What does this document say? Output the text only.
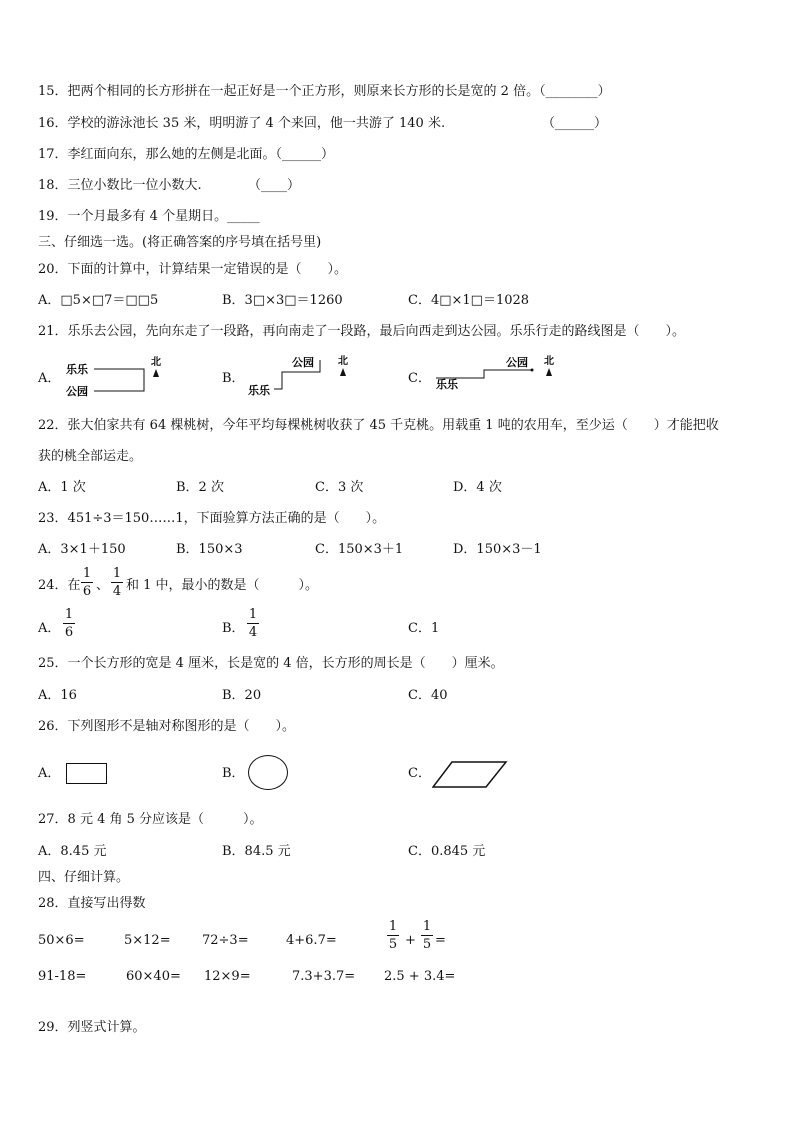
15．把两个相同的长方形拼在一起正好是一个正方形，则原来长方形的长是宽的 2 倍。（________）
16．学校的游泳池长 35 米，明明游了 4 个来回，他一共游了 140 米.	（______）
17．李红面向东，那么她的左侧是北面。（______）
18．三位小数比一位小数大.	（____）
19．一个月最多有 4 个星期日。_____
三、仔细选一选。(将正确答案的序号填在括号里)
20．下面的计算中，计算结果一定错误的是（　　）。
A．□5×□7＝□□5	B．3□×3□＝1260	C．4□×1□＝1028
21．乐乐去公园，先向东走了一段路，再向南走了一段路，最后向西走到达公园。乐乐行走的路线图是（　　）。
A．
乐乐
公园
北
B．
公园
乐乐
北
C．
公园
乐乐
北
22．张大伯家共有 64 棵桃树，今年平均每棵桃树收获了 45 千克桃。用载重 1 吨的农用车，至少运（　　）才能把收
获的桃全部运走。
A．1 次	B．2 次	C．3 次	D．4 次
23．451÷3＝150……1，下面验算方法正确的是（　　）。
A．3×1＋150	B．150×3	C．150×3＋1	D．150×3－1
24．在
1
6 、
1
4 和 1 中，最小的数是（　　　）。
A．
1
6	B．
1
4	C．1
25．一个长方形的宽是 4 厘米，长是宽的 4 倍，长方形的周长是（　　）厘米。
A．16	B．20	C．40
26．下列图形不是轴对称图形的是（　　）。
A．	B．	C．
27．8 元 4 角 5 分应该是（　　　）。
A．8.45 元	B．84.5 元	C．0.845 元
四、仔细计算。
28．直接写出得数
50×6=	5×12= 72÷3=	4+6.7=
1
5 +
1
5 =
91-18=	60×40= 12×9=	7.3+3.7= 2.5 + 3.4=
29．列竖式计算。
